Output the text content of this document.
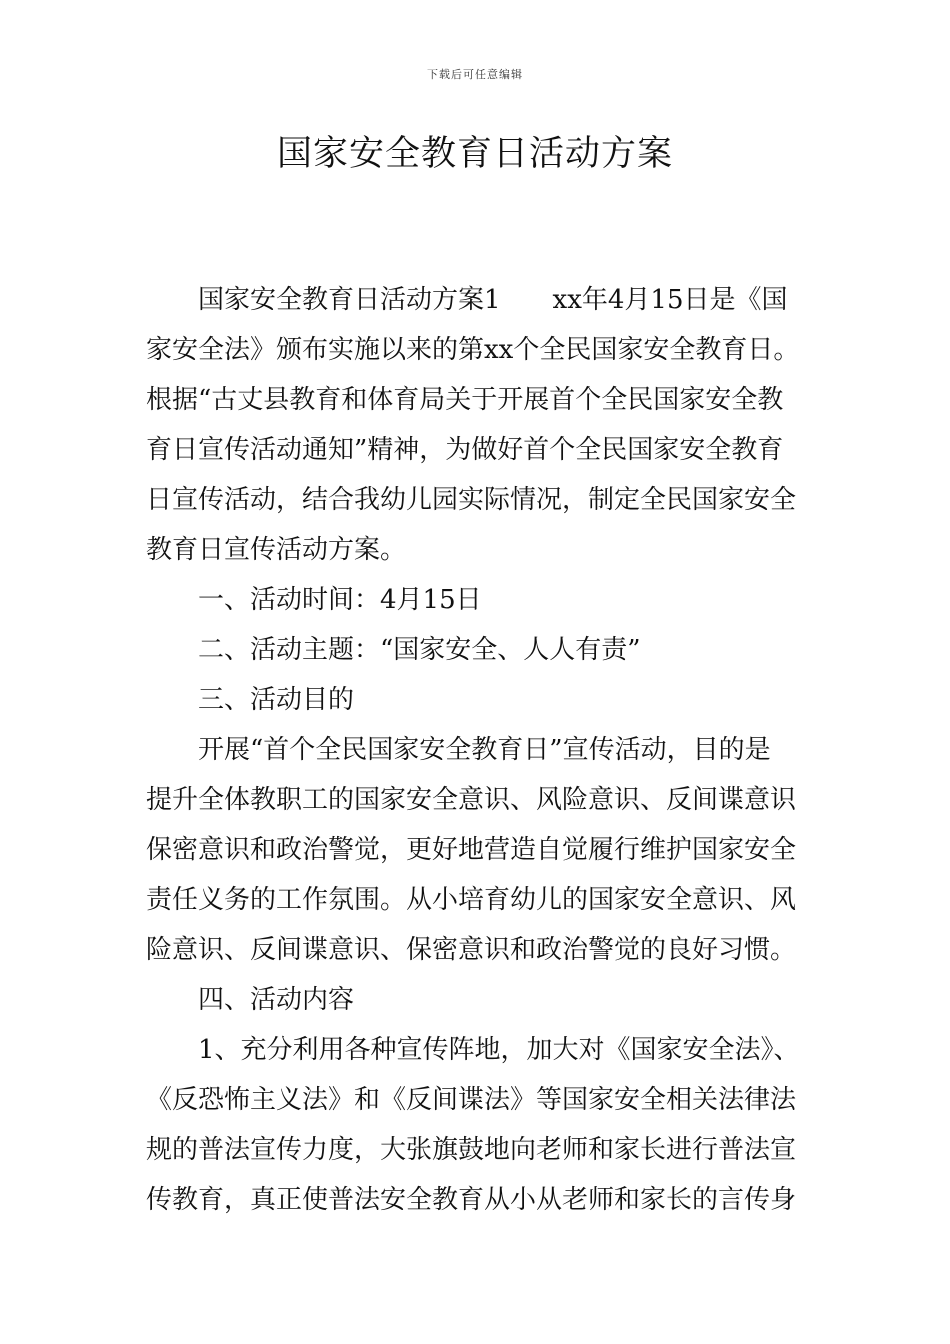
下载后可任意编辑
国家安全教育日活动方案
国家安全教育日活动方案1　　xx年4月15日是《国
家安全法》颁布实施以来的第xx个全民国家安全教育日。
根据“古丈县教育和体育局关于开展首个全民国家安全教
育日宣传活动通知”精神，为做好首个全民国家安全教育
日宣传活动，结合我幼儿园实际情况，制定全民国家安全
教育日宣传活动方案。
一、活动时间：4月15日
二、活动主题：“国家安全、人人有责”
三、活动目的
开展“首个全民国家安全教育日”宣传活动，目的是
提升全体教职工的国家安全意识、风险意识、反间谍意识
保密意识和政治警觉，更好地营造自觉履行维护国家安全
责任义务的工作氛围。从小培育幼儿的国家安全意识、风
险意识、反间谍意识、保密意识和政治警觉的良好习惯。
四、活动内容
1、充分利用各种宣传阵地，加大对《国家安全法》、
《反恐怖主义法》和《反间谍法》等国家安全相关法律法
规的普法宣传力度，大张旗鼓地向老师和家长进行普法宣
传教育，真正使普法安全教育从小从老师和家长的言传身
